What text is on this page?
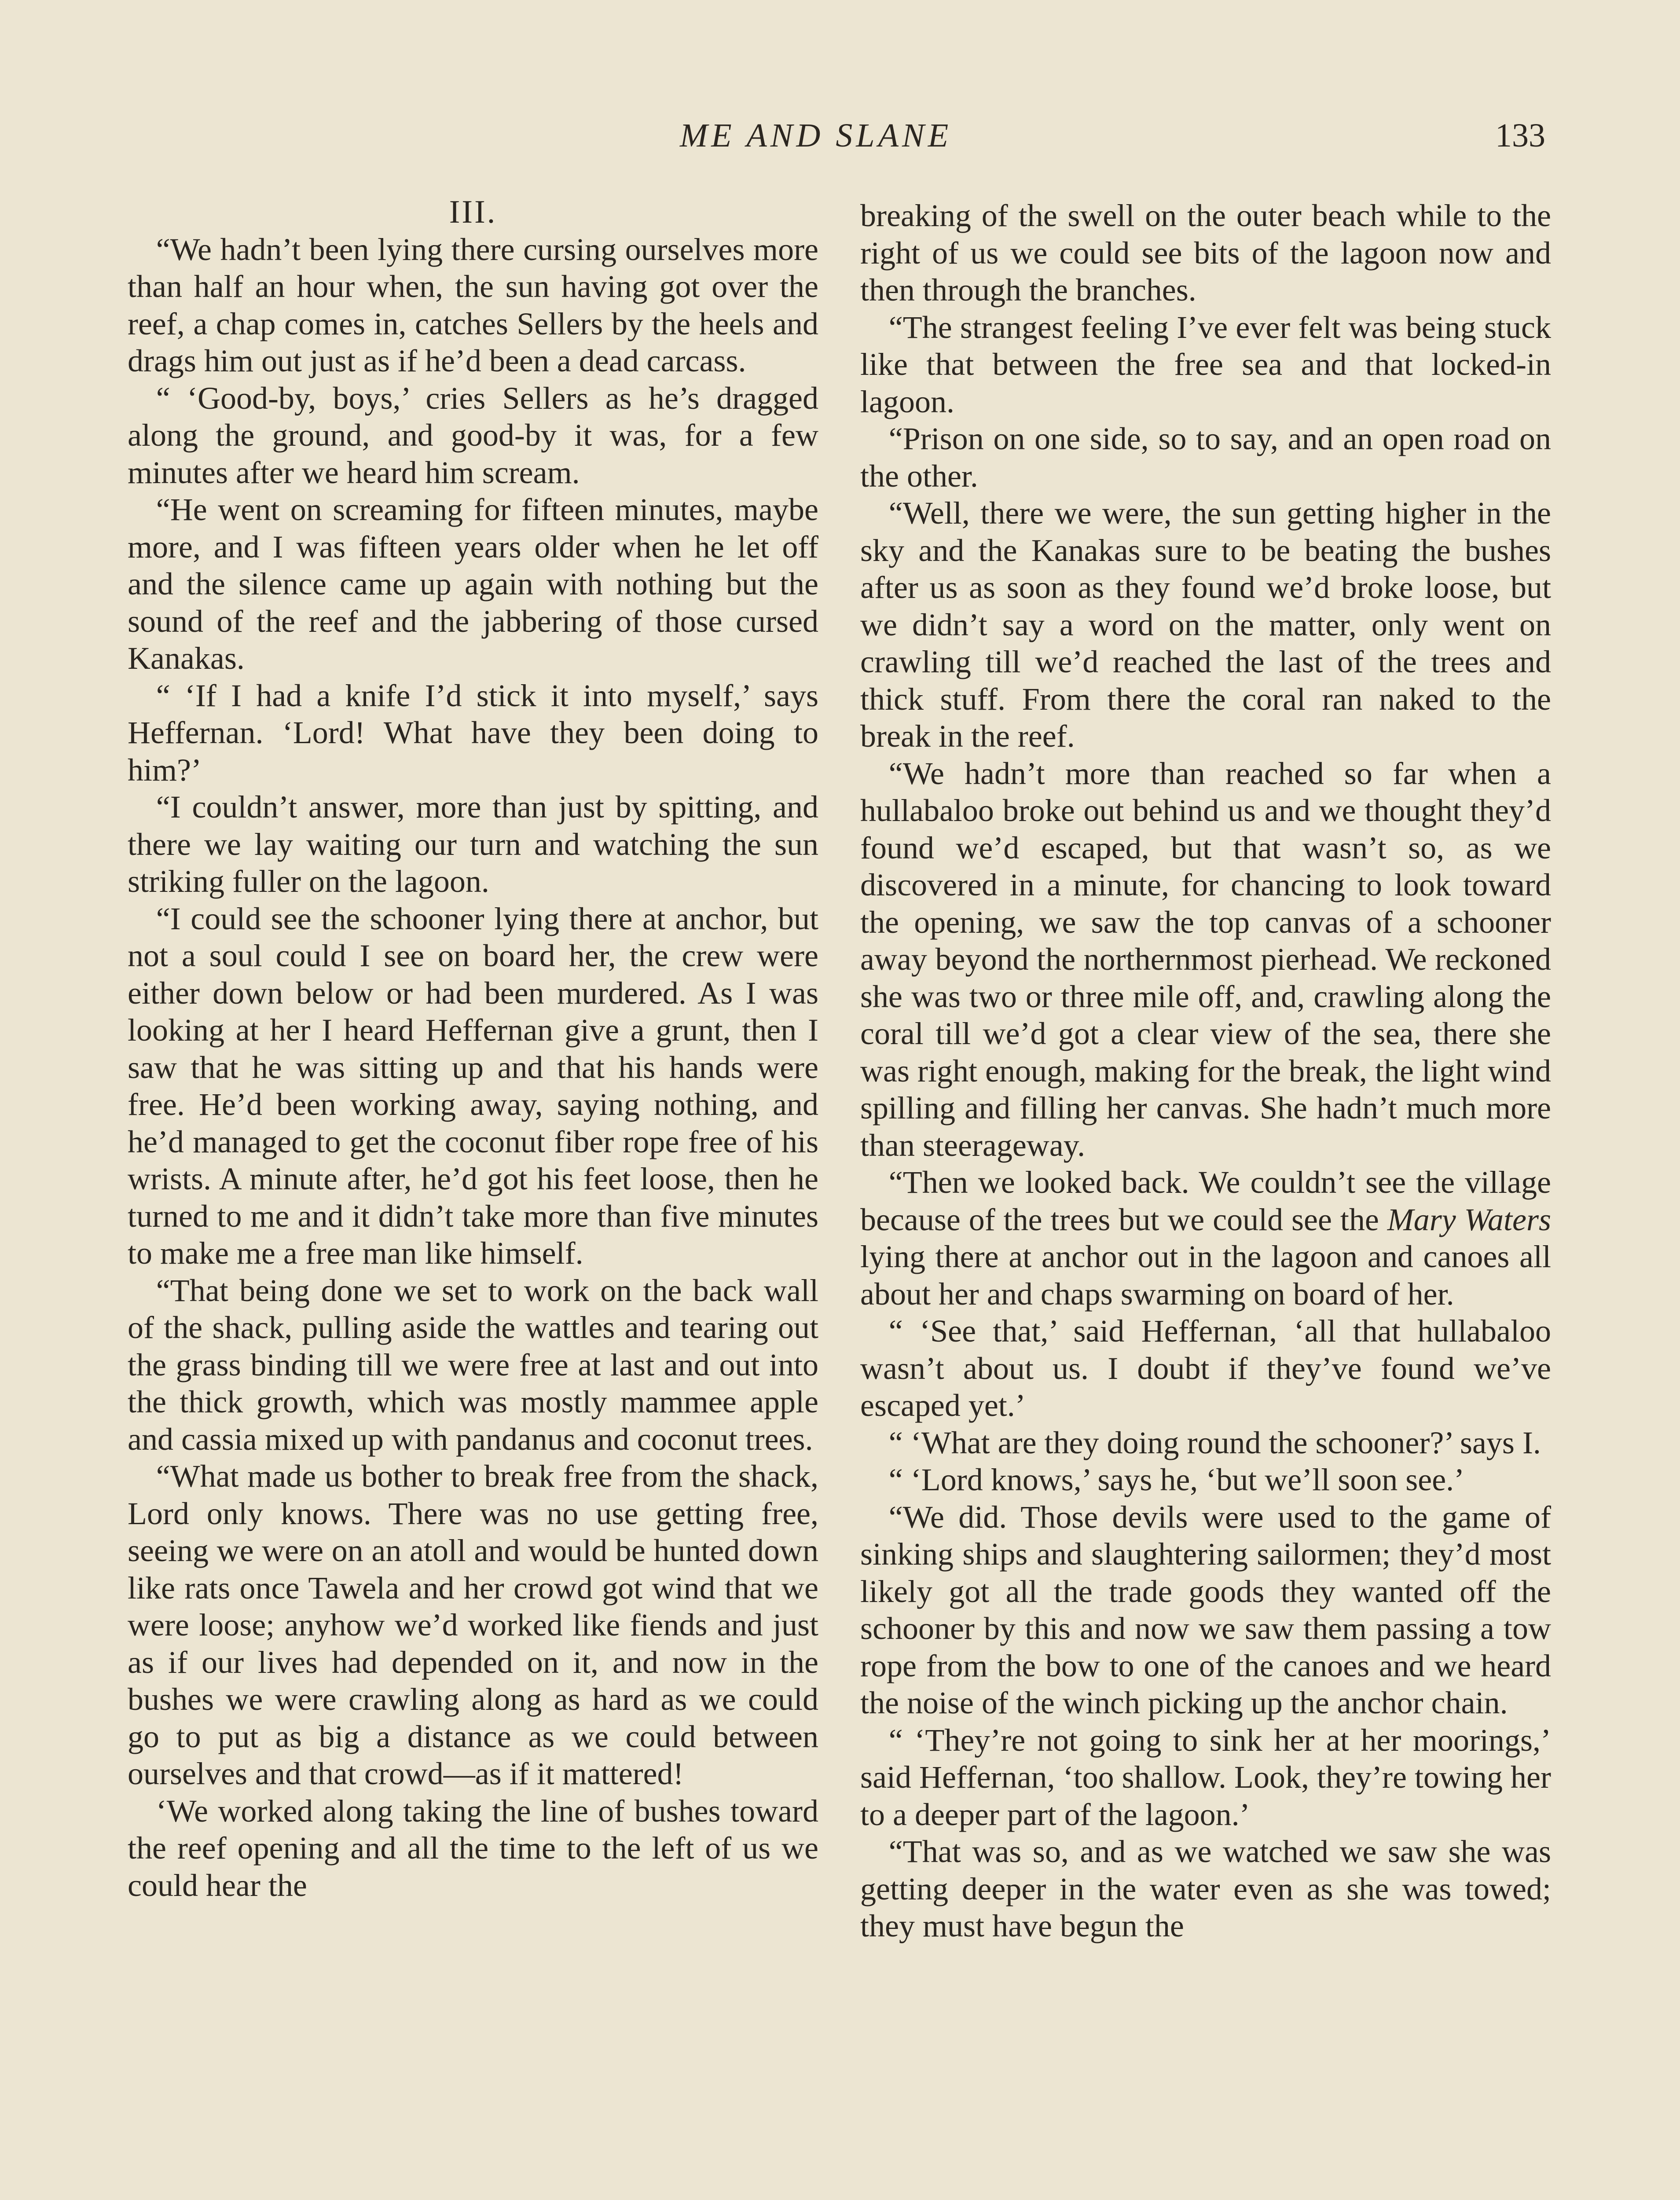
ME AND SLANE	133
III.

“We hadn’t been lying there cursing ourselves more than half an hour when, the sun having got over the reef, a chap comes in, catches Sellers by the heels and drags him out just as if he’d been a dead carcass.

“ ‘Good-by, boys,’ cries Sellers as he’s dragged along the ground, and good-by it was, for a few minutes after we heard him scream.

“He went on screaming for fifteen minutes, maybe more, and I was fifteen years older when he let off and the silence came up again with nothing but the sound of the reef and the jabbering of those cursed Kanakas.

“ ‘If I had a knife I’d stick it into myself,’ says Heffernan. ‘Lord! What have they been doing to him?’

“I couldn’t answer, more than just by spitting, and there we lay waiting our turn and watching the sun striking fuller on the lagoon.

“I could see the schooner lying there at anchor, but not a soul could I see on board her, the crew were either down below or had been murdered. As I was looking at her I heard Heffernan give a grunt, then I saw that he was sitting up and that his hands were free. He’d been working away, saying nothing, and he’d managed to get the coconut fiber rope free of his wrists. A minute after, he’d got his feet loose, then he turned to me and it didn’t take more than five minutes to make me a free man like himself.

“That being done we set to work on the back wall of the shack, pulling aside the wattles and tearing out the grass binding till we were free at last and out into the thick growth, which was mostly mammee apple and cassia mixed up with pandanus and coconut trees.

“What made us bother to break free from the shack, Lord only knows. There was no use getting free, seeing we were on an atoll and would be hunted down like rats once Tawela and her crowd got wind that we were loose; anyhow we’d worked like fiends and just as if our lives had depended on it, and now in the bushes we were crawling along as hard as we could go to put as big a distance as we could between ourselves and that crowd—as if it mattered!

‘We worked along taking the line of bushes toward the reef opening and all the time to the left of us we could hear the

breaking of the swell on the outer beach while to the right of us we could see bits of the lagoon now and then through the branches.

“The strangest feeling I’ve ever felt was being stuck like that between the free sea and that locked-in lagoon.

“Prison on one side, so to say, and an open road on the other.

“Well, there we were, the sun getting higher in the sky and the Kanakas sure to be beating the bushes after us as soon as they found we’d broke loose, but we didn’t say a word on the matter, only went on crawling till we’d reached the last of the trees and thick stuff. From there the coral ran naked to the break in the reef.

“We hadn’t more than reached so far when a hullabaloo broke out behind us and we thought they’d found we’d escaped, but that wasn’t so, as we discovered in a minute, for chancing to look toward the opening, we saw the top canvas of a schooner away beyond the northernmost pierhead. We reckoned she was two or three mile off, and, crawling along the coral till we’d got a clear view of the sea, there she was right enough, making for the break, the light wind spilling and filling her canvas. She hadn’t much more than steerageway.

“Then we looked back. We couldn’t see the village because of the trees but we could see the Mary Waters lying there at anchor out in the lagoon and canoes all about her and chaps swarming on board of her.

“ ‘See that,’ said Heffernan, ‘all that hullabaloo wasn’t about us. I doubt if they’ve found we’ve escaped yet.’

“ ‘What are they doing round the schooner?’ says I.

“ ‘Lord knows,’ says he, ‘but we’ll soon see.’

“We did. Those devils were used to the game of sinking ships and slaughtering sailormen; they’d most likely got all the trade goods they wanted off the schooner by this and now we saw them passing a tow rope from the bow to one of the canoes and we heard the noise of the winch picking up the anchor chain.

“ ‘They’re not going to sink her at her moorings,’ said Heffernan, ‘too shallow. Look, they’re towing her to a deeper part of the lagoon.’

“That was so, and as we watched we saw she was getting deeper in the water even as she was towed; they must have begun the
